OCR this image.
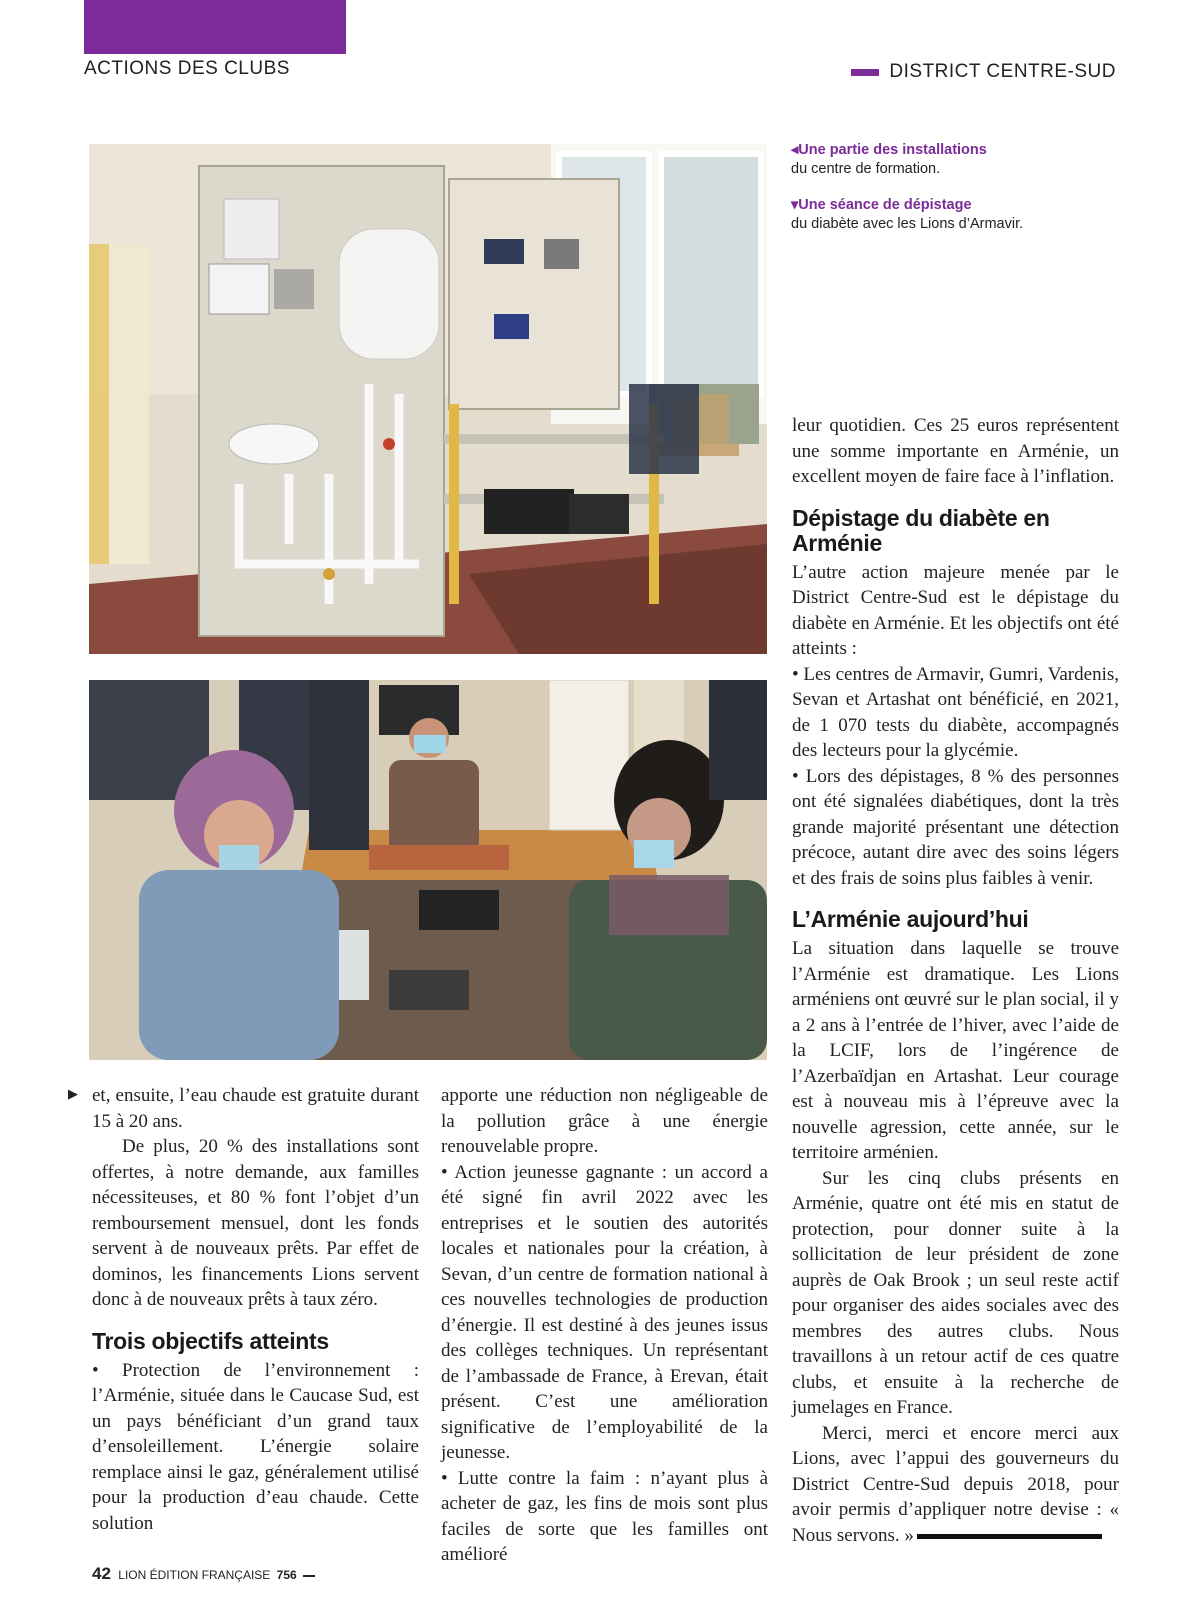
ACTIONS DES CLUBS	DISTRICT CENTRE-SUD
◂Une partie des installations
du centre de formation.
▾Une séance de dépistage
du diabète avec les Lions d’Armavir.
▶ et, ensuite, l’eau chaude est gratuite durant 15 à 20 ans.

De plus, 20 % des installations sont offertes, à notre demande, aux familles nécessiteuses, et 80 % font l’objet d’un remboursement mensuel, dont les fonds servent à de nouveaux prêts. Par effet de dominos, les financements Lions servent donc à de nouveaux prêts à taux zéro.

Trois objectifs atteints

• Protection de l’environnement : l’Arménie, située dans le Caucase Sud, est un pays bénéficiant d’un grand taux d’ensoleillement. L’énergie solaire remplace ainsi le gaz, généralement utilisé pour la production d’eau chaude. Cette solution

apporte une réduction non négligeable de la pollution grâce à une énergie renouvelable propre.

• Action jeunesse gagnante : un accord a été signé fin avril 2022 avec les entreprises et le soutien des autorités locales et nationales pour la création, à Sevan, d’un centre de formation national à ces nouvelles technologies de production d’énergie. Il est destiné à des jeunes issus des collèges techniques. Un représentant de l’ambassade de France, à Erevan, était présent. C’est une amélioration significative de l’employabilité de la jeunesse.

• Lutte contre la faim : n’ayant plus à acheter de gaz, les fins de mois sont plus faciles de sorte que les familles ont amélioré

leur quotidien. Ces 25 euros représentent une somme importante en Arménie, un excellent moyen de faire face à l’inflation.

Dépistage du diabète en Arménie

L’autre action majeure menée par le District Centre-Sud est le dépistage du diabète en Arménie. Et les objectifs ont été atteints :

• Les centres de Armavir, Gumri, Vardenis, Sevan et Artashat ont bénéficié, en 2021, de 1 070 tests du diabète, accompagnés des lecteurs pour la glycémie.

• Lors des dépistages, 8 % des personnes ont été signalées diabétiques, dont la très grande majorité présentant une détection précoce, autant dire avec des soins légers et des frais de soins plus faibles à venir.

L’Arménie aujourd’hui

La situation dans laquelle se trouve l’Arménie est dramatique. Les Lions arméniens ont œuvré sur le plan social, il y a 2 ans à l’entrée de l’hiver, avec l’aide de la LCIF, lors de l’ingérence de l’Azerbaïdjan en Artashat. Leur courage est à nouveau mis à l’épreuve avec la nouvelle agression, cette année, sur le territoire arménien.

Sur les cinq clubs présents en Arménie, quatre ont été mis en statut de protection, pour donner suite à la sollicitation de leur président de zone auprès de Oak Brook ; un seul reste actif pour organiser des aides sociales avec des membres des autres clubs. Nous travaillons à un retour actif de ces quatre clubs, et ensuite à la recherche de jumelages en France.

Merci, merci et encore merci aux Lions, avec l’appui des gouverneurs du District Centre-Sud depuis 2018, pour avoir permis d’appliquer notre devise : « Nous servons. »

42 LION ÉDITION FRANÇAISE 756
